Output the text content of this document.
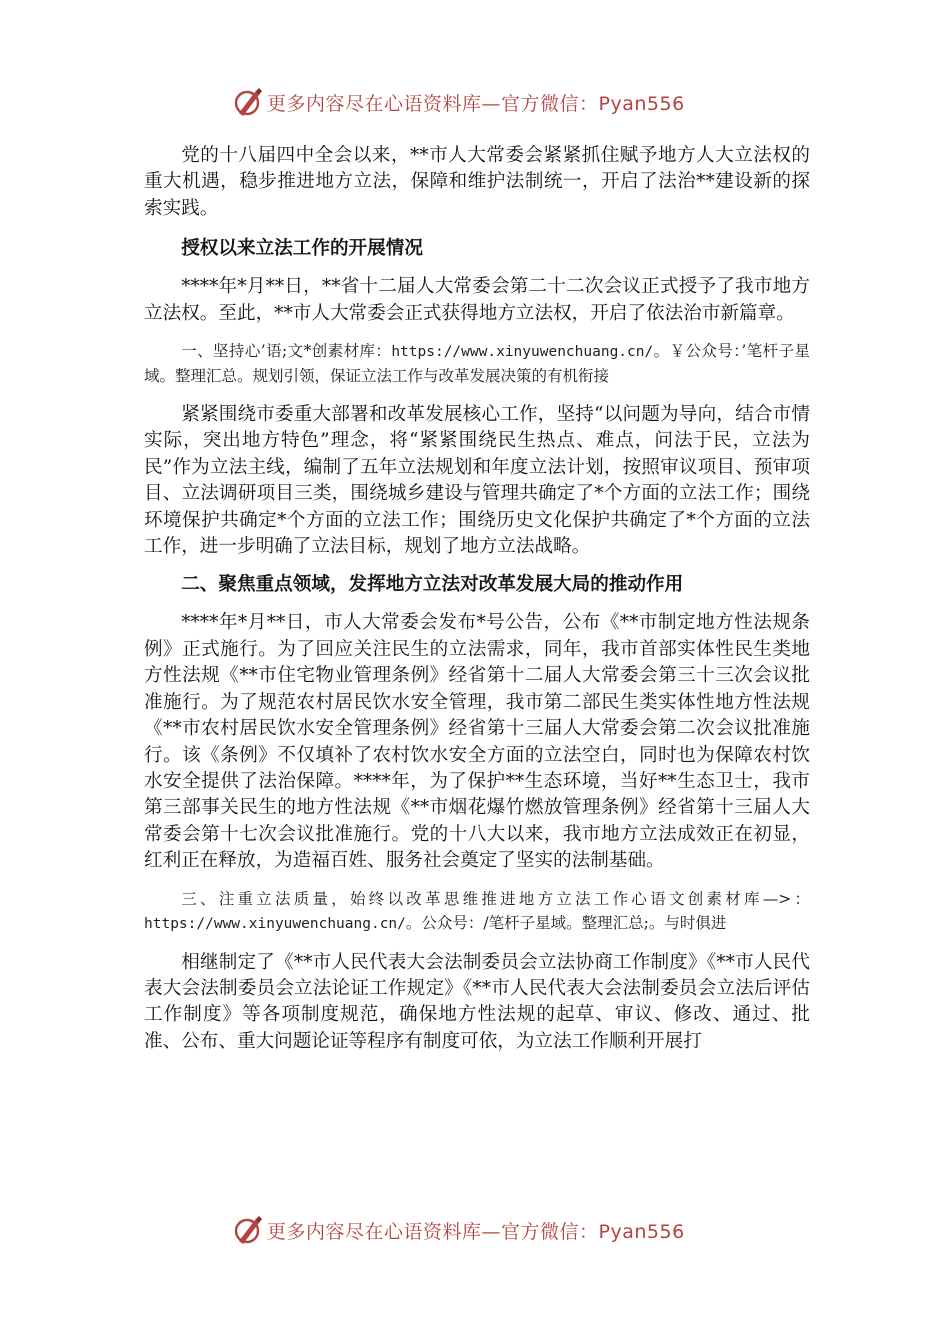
更多内容尽在心语资料库—官方微信：Pyan556

党的十八届四中全会以来，**市人大常委会紧紧抓住赋予地方人大立法权的重大机遇，稳步推进地方立法，保障和维护法制统一，开启了法治**建设新的探索实践。

授权以来立法工作的开展情况

****年*月**日，**省十二届人大常委会第二十二次会议正式授予了我市地方立法权。至此，**市人大常委会正式获得地方立法权，开启了依法治市新篇章。

一、坚持心’语;文*创素材库：https://www.xinyuwenchuang.cn/。￥公众号：’笔杆子星域。整理汇总。规划引领，保证立法工作与改革发展决策的有机衔接

紧紧围绕市委重大部署和改革发展核心工作，坚持“以问题为导向，结合市情实际，突出地方特色”理念，将“紧紧围绕民生热点、难点，问法于民，立法为民”作为立法主线，编制了五年立法规划和年度立法计划，按照审议项目、预审项目、立法调研项目三类，围绕城乡建设与管理共确定了*个方面的立法工作；围绕环境保护共确定*个方面的立法工作；围绕历史文化保护共确定了*个方面的立法工作，进一步明确了立法目标，规划了地方立法战略。

二、聚焦重点领域，发挥地方立法对改革发展大局的推动作用

****年*月**日，市人大常委会发布*号公告，公布《**市制定地方性法规条例》正式施行。为了回应关注民生的立法需求，同年，我市首部实体性民生类地方性法规《**市住宅物业管理条例》经省第十二届人大常委会第三十三次会议批准施行。为了规范农村居民饮水安全管理，我市第二部民生类实体性地方性法规《**市农村居民饮水安全管理条例》经省第十三届人大常委会第二次会议批准施行。该《条例》不仅填补了农村饮水安全方面的立法空白，同时也为保障农村饮水安全提供了法治保障。****年，为了保护**生态环境，当好**生态卫士，我市第三部事关民生的地方性法规《**市烟花爆竹燃放管理条例》经省第十三届人大常委会第十七次会议批准施行。党的十八大以来，我市地方立法成效正在初显，红利正在释放，为造福百姓、服务社会奠定了坚实的法制基础。

三、注重立法质量，始终以改革思维推进地方立法工作心语文创素材库—>：https://www.xinyuwenchuang.cn/。公众号：/笔杆子星域。整理汇总;。与时俱进

相继制定了《**市人民代表大会法制委员会立法协商工作制度》《**市人民代表大会法制委员会立法论证工作规定》《**市人民代表大会法制委员会立法后评估工作制度》等各项制度规范，确保地方性法规的起草、审议、修改、通过、批准、公布、重大问题论证等程序有制度可依，为立法工作顺利开展打

更多内容尽在心语资料库—官方微信：Pyan556
